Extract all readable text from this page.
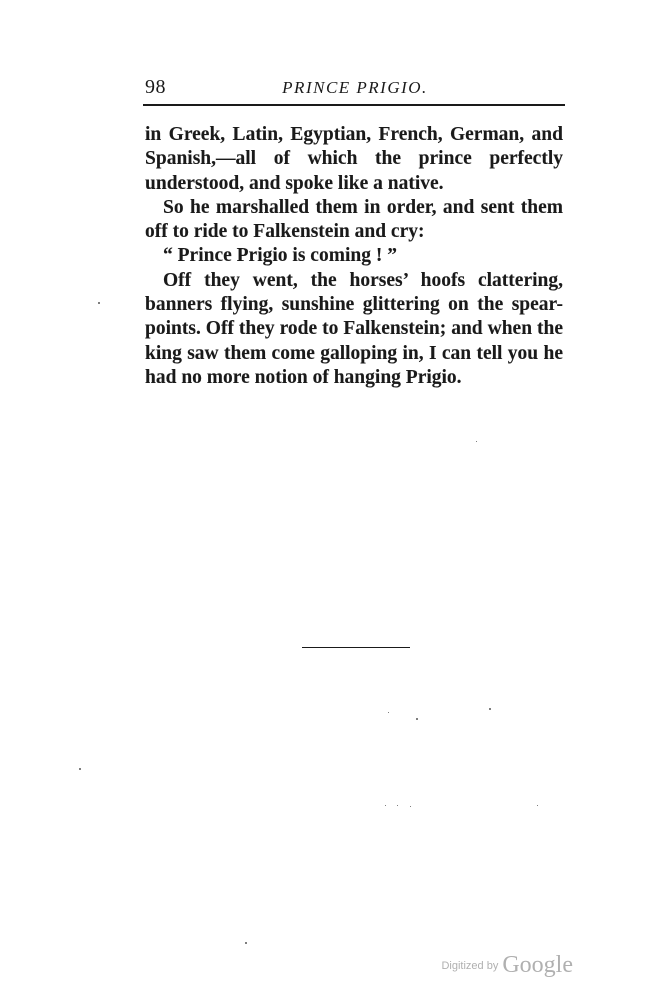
98	PRINCE PRIGIO.

in Greek, Latin, Egyptian, French, German, and Spanish,—all of which the prince perfectly understood, and spoke like a native.

So he marshalled them in order, and sent them off to ride to Falkenstein and cry:

“ Prince Prigio is coming ! ”

Off they went, the horses’ hoofs clattering, banners flying, sunshine glittering on the spear-points. Off they rode to Falkenstein; and when the king saw them come galloping in, I can tell you he had no more notion of hanging Prigio.

Digitized by Google
